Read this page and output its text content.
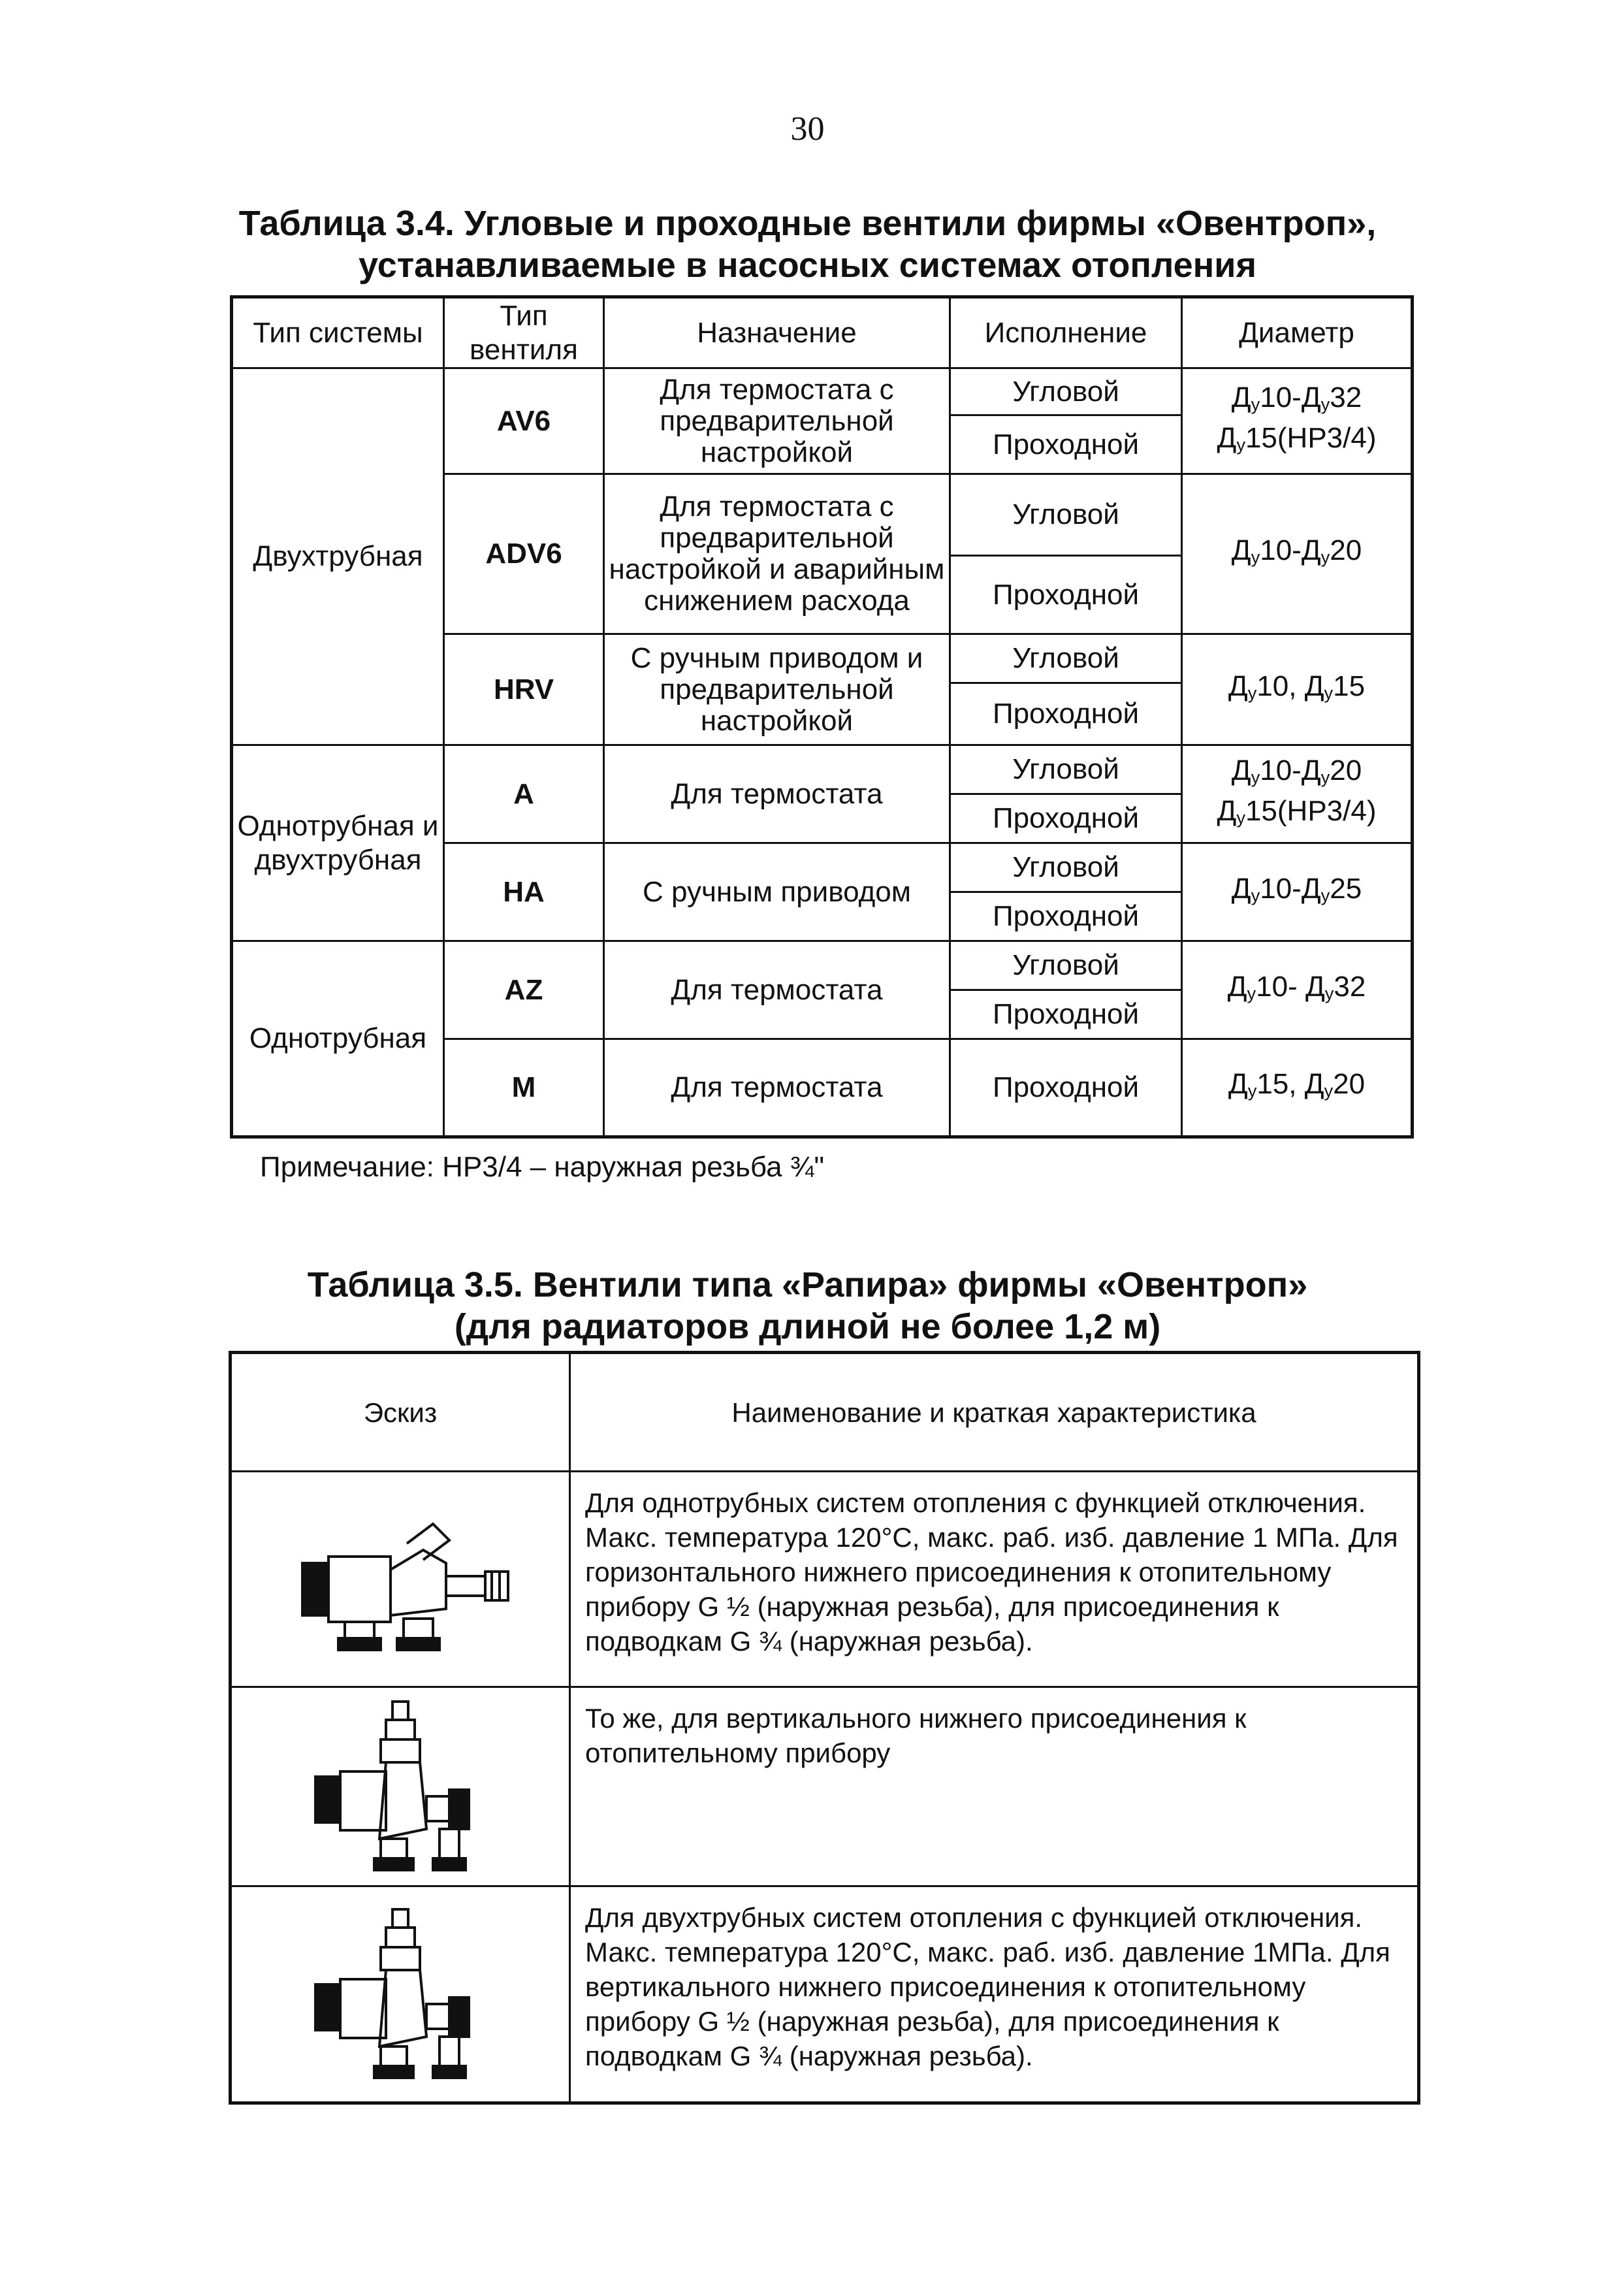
30
Таблица 3.4. Угловые и проходные вентили фирмы «Овентроп»,
устанавливаемые в насосных системах отопления
Тип системы	Тип вентиля	Назначение	Исполнение	Диаметр
Двухтрубная	AV6	Для термостата с предварительной настройкой	Угловой	$Д_у10-Д_у32$ $Д_у15(НР3/4)$
			Проходной	
	ADV6	Для термостата с предварительной настройкой и аварийным снижением расхода	Угловой	$Д_у10-Д_у20$
			Проходной	
	HRV	С ручным приводом и предварительной настройкой	Угловой	$Д_у10$, $Д_у15$
			Проходной	
Однотрубная и двухтрубная	A	Для термостата	Угловой	$Д_у10-Д_у20$ $Д_у15(НР3/4)$
			Проходной	
	HA	С ручным приводом	Угловой	$Д_у10-Д_у25$
			Проходной	
Однотрубная	AZ	Для термостата	Угловой	$Д_у10-$ $Д_у32$
			Проходной	
	M	Для термостата	Проходной	$Д_у15$, $Д_у20$
Примечание: НР3/4 – наружная резьба ¾"
Таблица 3.5. Вентили типа «Рапира» фирмы «Овентроп»
(для радиаторов длиной не более 1,2 м)
Эскиз	Наименование и краткая характеристика

	Для однотрубных систем отопления с функцией отключения. Макс. температура 120°С, макс. раб. изб. давление 1 МПа. Для горизонтального нижнего присоединения к отопительному прибору G ½ (наружная резьба), для присоединения к подводкам G ¾ (наружная резьба).

	То же, для вертикального нижнего присоединения к отопительному прибору

	Для двухтрубных систем отопления с функцией отключения. Макс. температура 120°С, макс. раб. изб. давление 1МПа. Для вертикального нижнего присоединения к отопительному прибору G ½ (наружная резьба), для присоединения к подводкам G ¾ (наружная резьба).
